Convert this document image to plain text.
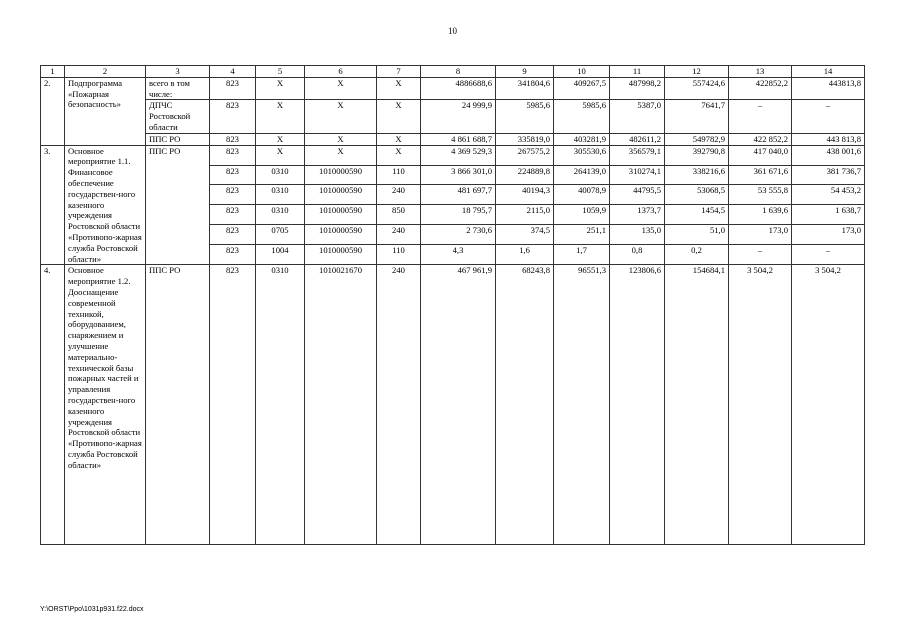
10
1	2	3	4	5	6	7	8	9	10	11	12	13	14
2.	Подпрограмма «Пожарная безопасность»	всего в том числе:	823	Х	Х	Х	4886688,6	341804,6	409267,5	487998,2	557424,6	422852,2	443813,8
		ДПЧС Ростовской области	823	Х	Х	Х	24 999,9	5985,6	5985,6	5387,0	7641,7	–	–
		ППС РО	823	Х	Х	Х	4 861 688,7	335819,0	403281,9	482611,2	549782,9	422 852,2	443 813,8
3.	Основное мероприятие 1.1. Финансовое обеспечение государствен-ного казенного учреждения Ростовской области «Противопо-жарная служба Ростовской области»	ППС РО	823	Х	Х	Х	4 369 529,3	267575,2	305530,6	356579,1	392790,8	417 040,0	438 001,6
			823	0310	1010000590	110	3 866 301,0	224889,8	264139,0	310274,1	338216,6	361 671,6	381 736,7
			823	0310	1010000590	240	481 697,7	40194,3	40078,9	44795,5	53068,5	53 555,8	54 453,2
			823	0310	1010000590	850	18 795,7	2115,0	1059,9	1373,7	1454,5	1 639,6	1 638,7
			823	0705	1010000590	240	2 730,6	374,5	251,1	135,0	51,0	173,0	173,0
			823	1004	1010000590	110	4,3	1,6	1,7	0,8	0,2	–	–
4.	Основное мероприятие 1.2. Дооснащение современной техникой, оборудованием, снаряжением и улучшение материально-технической базы пожарных частей и управления государствен-ного казенного учреждения Ростовской области «Противопо-жарная служба Ростовской области»	ППС РО	823	0310	1010021670	240	467 961,9	68243,8	96551,3	123806,6	154684,1	3 504,2	3 504,2
Y:\ORST\Ppo\1031p931.f22.docx
